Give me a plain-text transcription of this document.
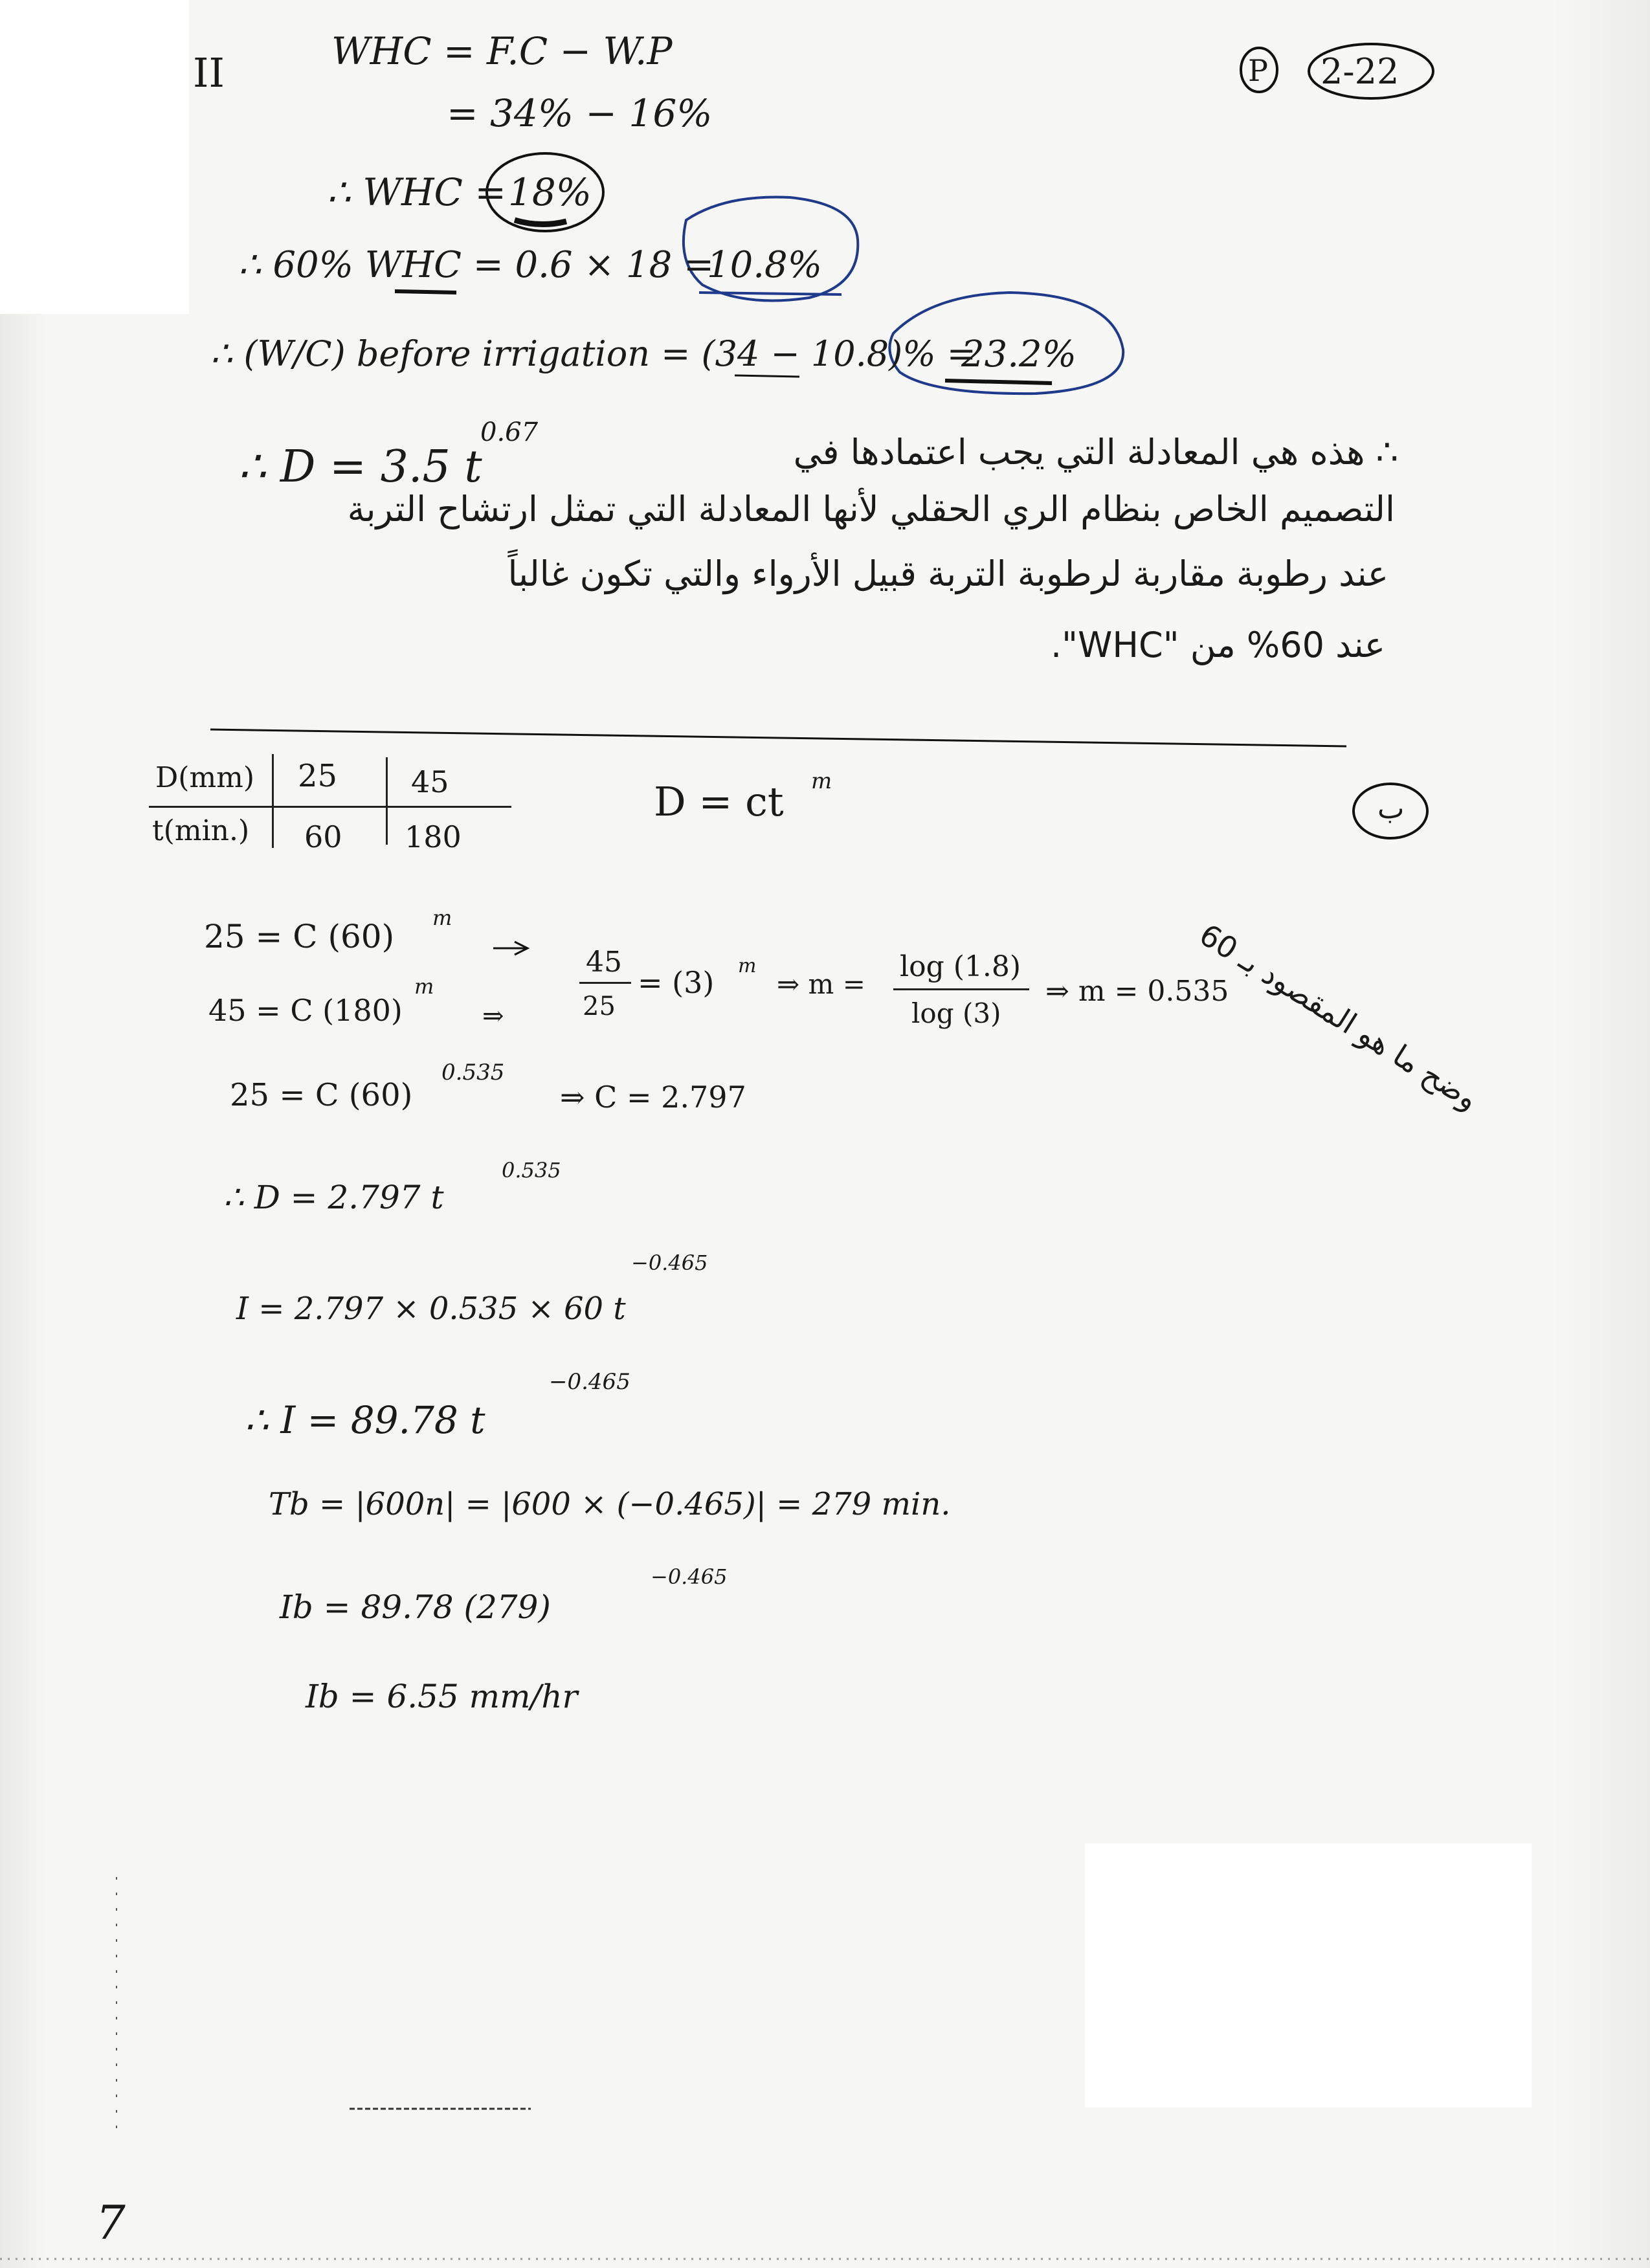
II	P 2-22
WHC = F.C − W.P
= 34% − 16%
∴ WHC = 18%
∴ 60% WHC = 0.6 × 18 =
10.8%
∴ (W/C) before irrigation = (34 − 10.8)% =
23.2%
∴ D = 3.5 t
0.67	∴ هذه هي المعادلة التي يجب اعتمادها في
التصميم الخاص بنظام الري الحقلي لأنها المعادلة التي تمثل ارتشاح التربة
عند رطوبة مقاربة لرطوبة التربة قبيل الأرواء والتي تكون غالباً
عند 60% من "WHC".
D(mm) 25 45
t(min.) 60 180
D = ct m
ب
وضح ما هو المقصود بـ 60
25 = C (60) m
45 = C (180)
m
⇒
45
25
= (3) m
⇒ m =
log (1.8)
log (3)
⇒ m = 0.535
25 = C (60)
0.535
⇒ C = 2.797
∴ D = 2.797 t
0.535
I = 2.797 × 0.535 × 60 t
−0.465
∴ I = 89.78 t
−0.465
Tb = |600n| = |600 × (−0.465)| = 279 min.
Ib = 89.78 (279)
−0.465
Ib = 6.55 mm/hr
7
